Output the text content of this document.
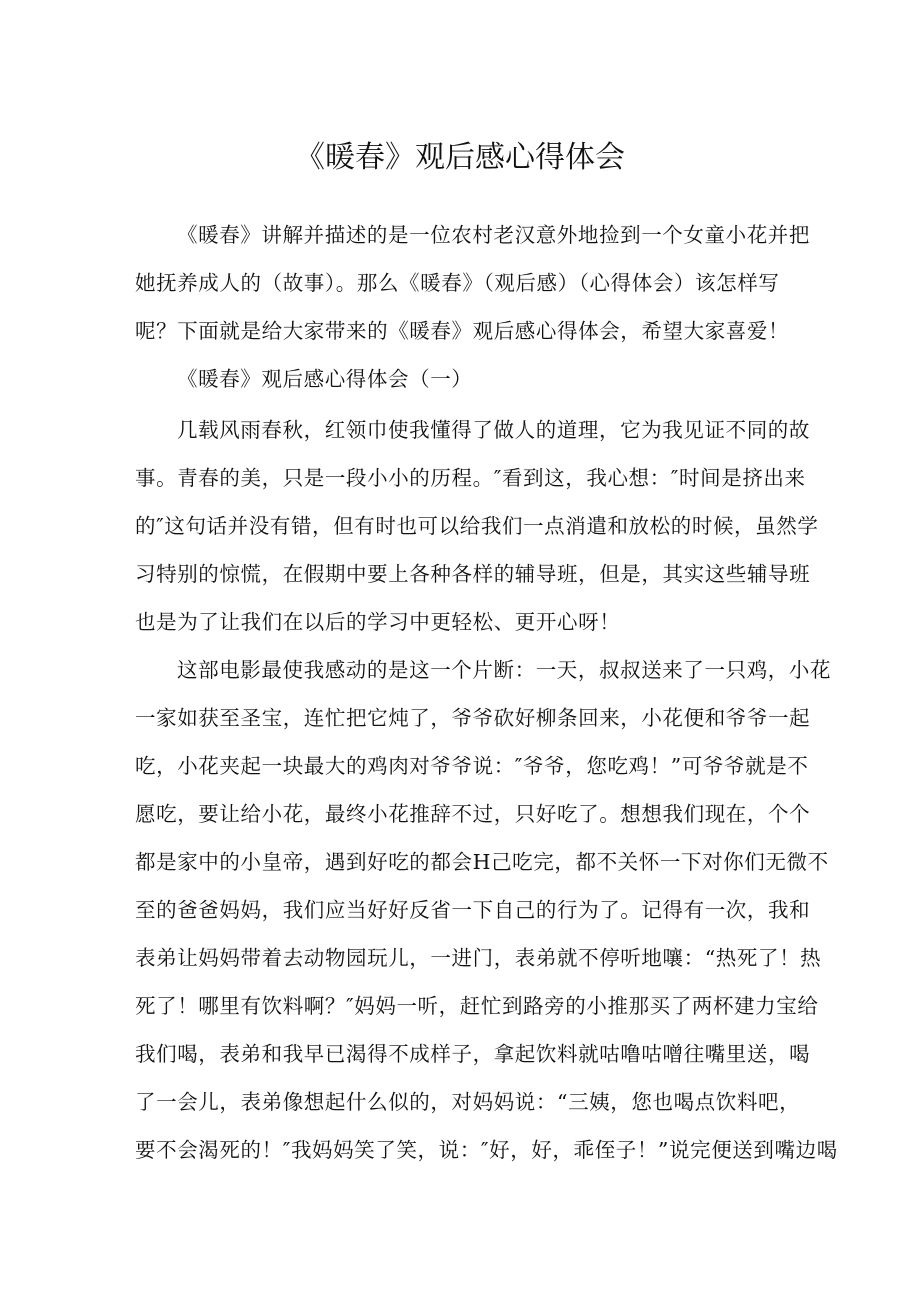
《暖春》观后感心得体会
《暖春》讲解并描述的是一位农村老汉意外地捡到一个女童小花并把
她抚养成人的（故事）。那么《暖春》（观后感）（心得体会）该怎样写
呢？下面就是给大家带来的《暖春》观后感心得体会，希望大家喜爱！
《暖春》观后感心得体会（一）
几载风雨春秋，红领巾使我懂得了做人的道理，它为我见证不同的故
事。青春的美，只是一段小小的历程。″看到这，我心想：″时间是挤出来
的″这句话并没有错，但有时也可以给我们一点消遣和放松的时候，虽然学
习特别的惊慌，在假期中要上各种各样的辅导班，但是，其实这些辅导班
也是为了让我们在以后的学习中更轻松、更开心呀！
这部电影最使我感动的是这一个片断：一天，叔叔送来了一只鸡，小花
一家如获至圣宝，连忙把它炖了，爷爷砍好柳条回来，小花便和爷爷一起
吃，小花夹起一块最大的鸡肉对爷爷说：″爷爷，您吃鸡！”可爷爷就是不
愿吃，要让给小花，最终小花推辞不过，只好吃了。想想我们现在，个个
都是家中的小皇帝，遇到好吃的都会H己吃完，都不关怀一下对你们无微不
至的爸爸妈妈，我们应当好好反省一下自己的行为了。记得有一次，我和
表弟让妈妈带着去动物园玩儿，一进门，表弟就不停听地嚷：“热死了！热
死了！哪里有饮料啊？″妈妈一听，赶忙到路旁的小推那买了两杯建力宝给
我们喝，表弟和我早已渴得不成样子，拿起饮料就咕噜咕噌往嘴里送，喝
了一会儿，表弟像想起什么似的，对妈妈说：“三姨，您也喝点饮料吧，
要不会渴死的！″我妈妈笑了笑，说：″好，好，乖侄子！”说完便送到嘴边喝
